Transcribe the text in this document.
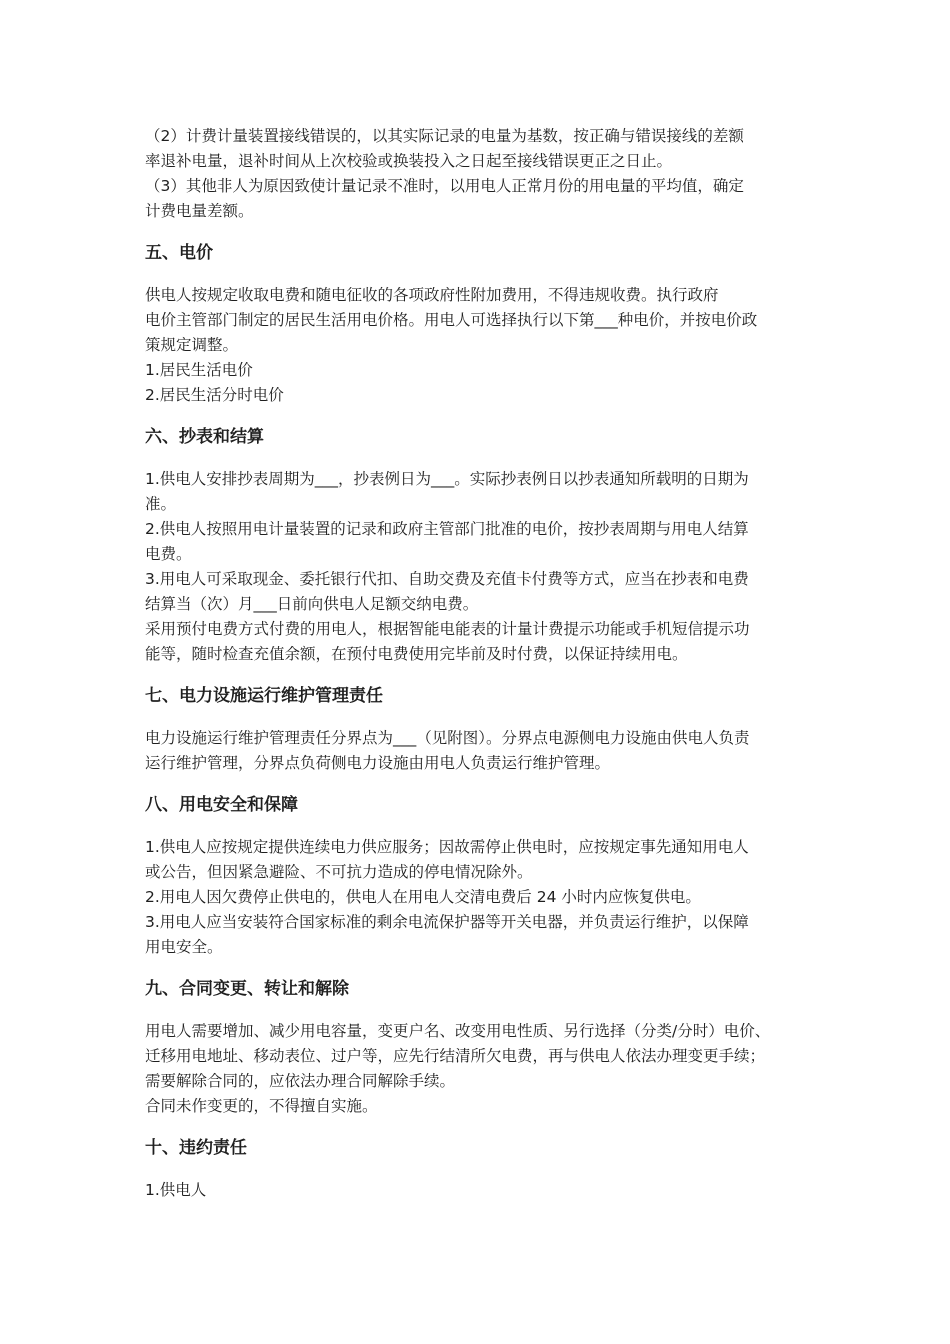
（2）计费计量装置接线错误的，以其实际记录的电量为基数，按正确与错误接线的差额
率退补电量，退补时间从上次校验或换装投入之日起至接线错误更正之日止。
（3）其他非人为原因致使计量记录不准时，以用电人正常月份的用电量的平均值，确定
计费电量差额。
五、电价
供电人按规定收取电费和随电征收的各项政府性附加费用，不得违规收费。执行政府
电价主管部门制定的居民生活用电价格。用电人可选择执行以下第___种电价，并按电价政
策规定调整。
1.居民生活电价
2.居民生活分时电价
六、抄表和结算
1.供电人安排抄表周期为___，抄表例日为___。实际抄表例日以抄表通知所载明的日期为
准。
2.供电人按照用电计量装置的记录和政府主管部门批准的电价，按抄表周期与用电人结算
电费。
3.用电人可采取现金、委托银行代扣、自助交费及充值卡付费等方式，应当在抄表和电费
结算当（次）月___日前向供电人足额交纳电费。
采用预付电费方式付费的用电人，根据智能电能表的计量计费提示功能或手机短信提示功
能等，随时检查充值余额，在预付电费使用完毕前及时付费，以保证持续用电。
七、电力设施运行维护管理责任
电力设施运行维护管理责任分界点为___（见附图）。分界点电源侧电力设施由供电人负责
运行维护管理，分界点负荷侧电力设施由用电人负责运行维护管理。
八、用电安全和保障
1.供电人应按规定提供连续电力供应服务；因故需停止供电时，应按规定事先通知用电人
或公告，但因紧急避险、不可抗力造成的停电情况除外。
2.用电人因欠费停止供电的，供电人在用电人交清电费后 24 小时内应恢复供电。
3.用电人应当安装符合国家标准的剩余电流保护器等开关电器，并负责运行维护，以保障
用电安全。
九、合同变更、转让和解除
用电人需要增加、减少用电容量，变更户名、改变用电性质、另行选择（分类/分时）电价、
迁移用电地址、移动表位、过户等，应先行结清所欠电费，再与供电人依法办理变更手续；
需要解除合同的，应依法办理合同解除手续。
合同未作变更的，不得擅自实施。
十、违约责任
1.供电人
